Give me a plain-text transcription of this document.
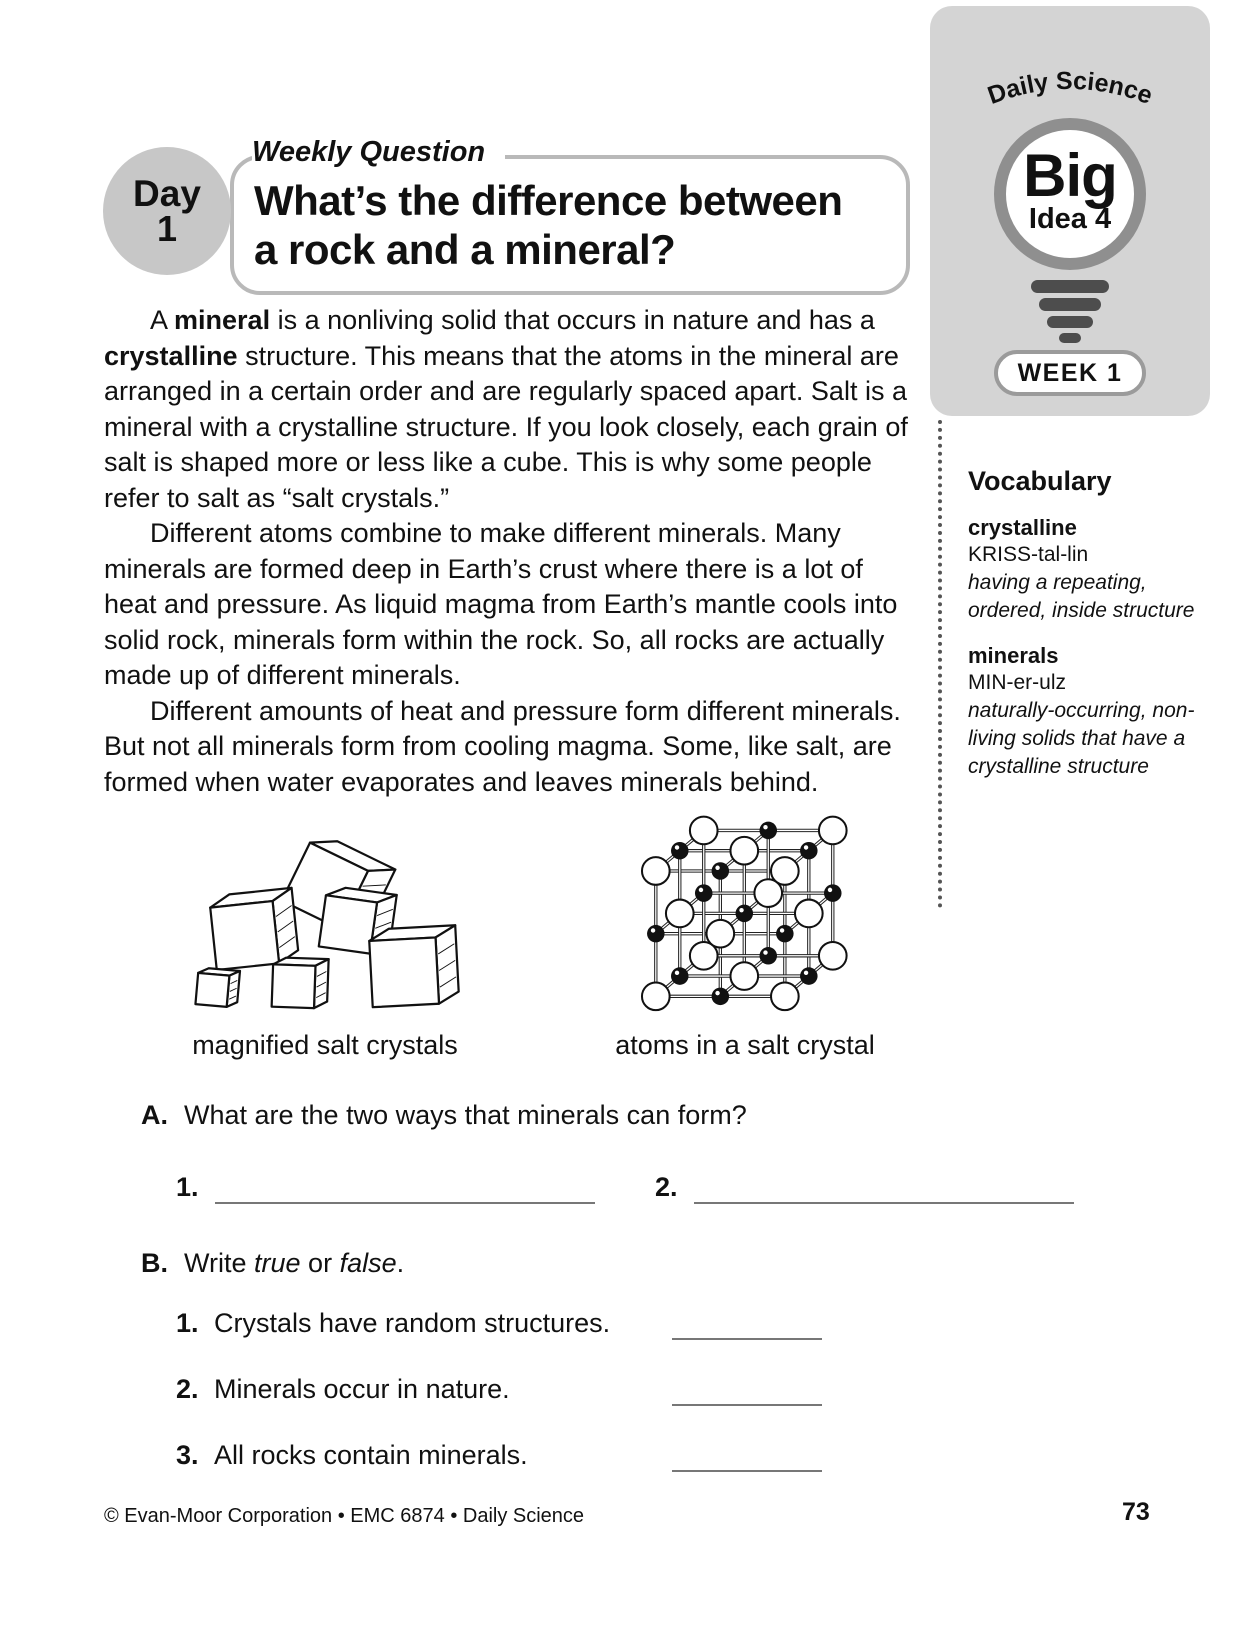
Weekly Question
What’s the difference between
a rock and a mineral?
Day
1
Daily Science
Big
Idea 4
WEEK 1
Vocabulary
crystalline
KRISS-tal-lin
having a repeating, ordered, inside structure
minerals
MIN-er-ulz
naturally-occurring, non-living solids that have a crystalline structure

A mineral is a nonliving solid that occurs in nature and has a crystalline structure. This means that the atoms in the mineral are arranged in a certain order and are regularly spaced apart. Salt is a mineral with a crystalline structure. If you look closely, each grain of salt is shaped more or less like a cube. This is why some people refer to salt as “salt crystals.”

Different atoms combine to make different minerals. Many minerals are formed deep in Earth’s crust where there is a lot of heat and pressure. As liquid magma from Earth’s mantle cools into solid rock, minerals form within the rock. So, all rocks are actually made up of different minerals.

Different amounts of heat and pressure form different minerals. But not all minerals form from cooling magma. Some, like salt, are formed when water evaporates and leaves minerals behind.

magnified salt crystals	atoms in a salt crystal
A. What are the two ways that minerals can form?
1.	2.
B. Write true or false.
1. Crystals have random structures.
2. Minerals occur in nature.
3. All rocks contain minerals.
© Evan-Moor Corporation • EMC 6874 • Daily Science	73
